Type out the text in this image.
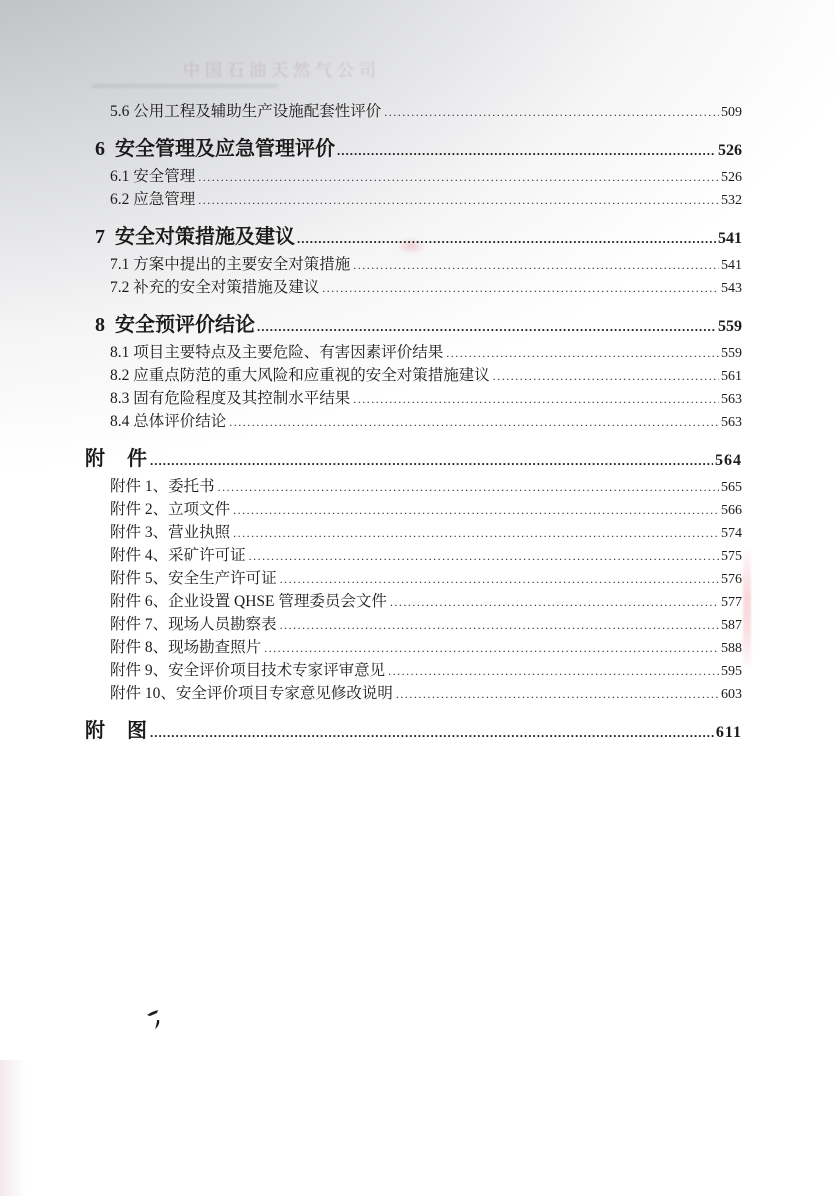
中国石油天然气公司
5.6 公用工程及辅助生产设施配套性评价 .....	509
6  安全管理及应急管理评价 .....	526
6.1 安全管理 .....	526
6.2 应急管理 .....	532
7  安全对策措施及建议 .....	541
7.1 方案中提出的主要安全对策措施 .....	541
7.2 补充的安全对策措施及建议 .....	543
8  安全预评价结论 .....	559
8.1 项目主要特点及主要危险、有害因素评价结果 .....	559
8.2 应重点防范的重大风险和应重视的安全对策措施建议 .....	561
8.3 固有危险程度及其控制水平结果 .....	563
8.4 总体评价结论 .....	563
附　件 .....	564
附件 1、委托书 .....	565
附件 2、立项文件 .....	566
附件 3、营业执照 .....	574
附件 4、采矿许可证 .....	575
附件 5、安全生产许可证 .....	576
附件 6、企业设置 QHSE 管理委员会文件 .....	577
附件 7、现场人员勘察表 .....	587
附件 8、现场勘查照片 .....	588
附件 9、安全评价项目技术专家评审意见 .....	595
附件 10、安全评价项目专家意见修改说明 .....	603
附　图 .....	611
